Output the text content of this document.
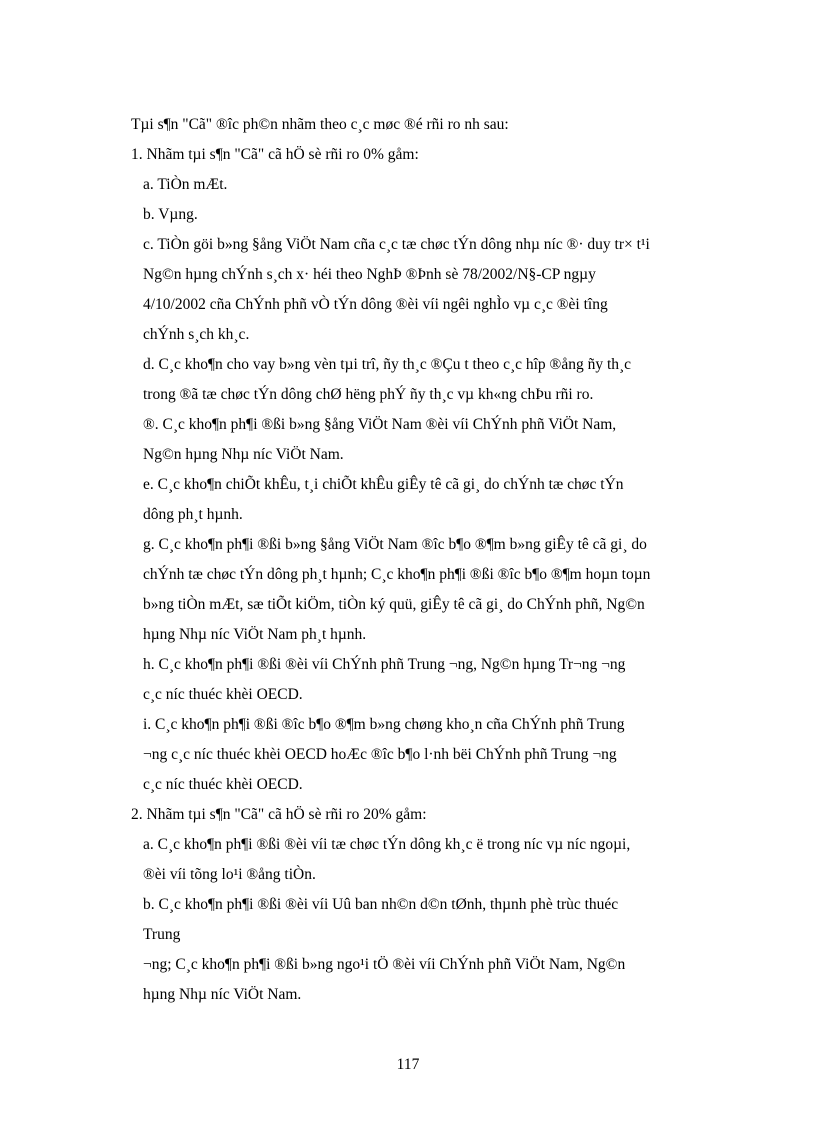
Tµi s¶n "Cã" ®îc ph©n nhãm theo c¸c møc ®é rñi ro nh sau:
1. Nhãm tµi s¶n "Cã" cã hÖ sè rñi ro 0% gåm:
a. TiÒn mÆt.
b. Vµng.
c. TiÒn göi b»ng §ång ViÖt Nam cña c¸c tæ chøc tÝn dông nhµ níc ®· duy tr× t¹i
Ng©n hµng chÝnh s¸ch x· héi theo NghÞ ®Þnh sè 78/2002/N§-CP ngµy
4/10/2002 cña ChÝnh phñ vÒ tÝn dông ®èi víi ngêi nghÌo vµ c¸c ®èi tîng
chÝnh s¸ch kh¸c.
d. C¸c kho¶n cho vay b»ng vèn tµi trî, ñy th¸c ®Çu t theo c¸c hîp ®ång ñy th¸c
trong ®ã tæ chøc tÝn dông chØ hëng phÝ ñy th¸c vµ kh«ng chÞu rñi ro.
®. C¸c kho¶n ph¶i ®ßi b»ng §ång ViÖt Nam ®èi víi ChÝnh phñ ViÖt Nam,
Ng©n hµng Nhµ níc ViÖt Nam.
e. C¸c kho¶n chiÕt khÊu, t¸i chiÕt khÊu giÊy tê cã gi¸ do chÝnh tæ chøc tÝn
dông ph¸t hµnh.
g. C¸c kho¶n ph¶i ®ßi b»ng §ång ViÖt Nam ®îc b¶o ®¶m b»ng giÊy tê cã gi¸ do
chÝnh tæ chøc tÝn dông ph¸t hµnh; C¸c kho¶n ph¶i ®ßi ®îc b¶o ®¶m hoµn toµn
b»ng tiÒn mÆt, sæ tiÕt kiÖm, tiÒn ký quü, giÊy tê cã gi¸ do ChÝnh phñ, Ng©n
hµng Nhµ níc ViÖt Nam ph¸t hµnh.
h. C¸c kho¶n ph¶i ®ßi ®èi víi ChÝnh phñ Trung ¬ng, Ng©n hµng Tr¬ng ¬ng
c¸c níc thuéc khèi OECD.
i. C¸c kho¶n ph¶i ®ßi ®îc b¶o ®¶m b»ng chøng kho¸n cña ChÝnh phñ Trung
¬ng c¸c níc thuéc khèi OECD hoÆc ®îc b¶o l·nh bëi ChÝnh phñ Trung ¬ng
c¸c níc thuéc khèi OECD.
2. Nhãm tµi s¶n "Cã" cã hÖ sè rñi ro 20% gåm:
a. C¸c kho¶n ph¶i ®ßi ®èi víi tæ chøc tÝn dông kh¸c ë trong níc vµ níc ngoµi,
®èi víi tõng lo¹i ®ång tiÒn.
b. C¸c kho¶n ph¶i ®ßi ®èi víi Uû ban nh©n d©n tØnh, thµnh phè trùc thuéc
Trung
¬ng; C¸c kho¶n ph¶i ®ßi b»ng ngo¹i tÖ ®èi víi ChÝnh phñ ViÖt Nam, Ng©n
hµng Nhµ níc ViÖt Nam.
117
